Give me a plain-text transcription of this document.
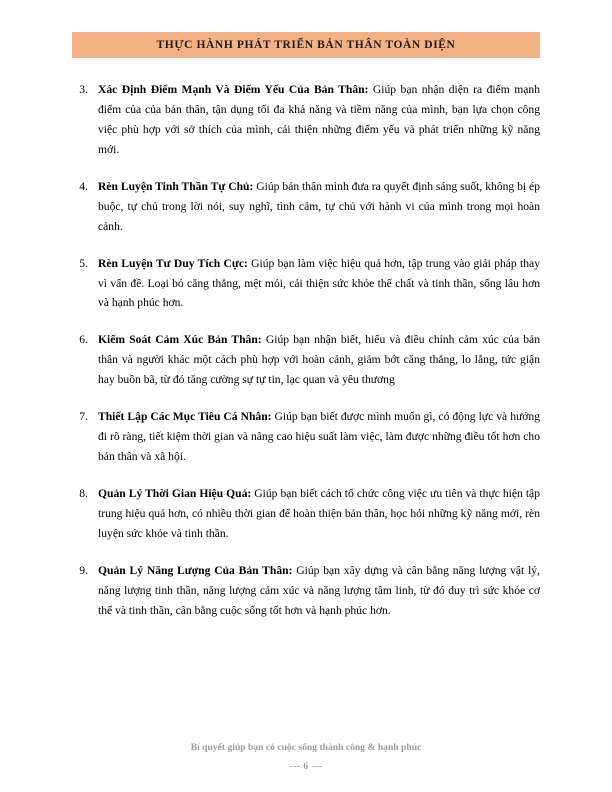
THỰC HÀNH PHÁT TRIỂN BẢN THÂN TOÀN DIỆN
3. Xác Định Điểm Mạnh Và Điểm Yếu Của Bản Thân: Giúp bạn nhận diện ra điểm mạnh điểm của của bản thân, tận dụng tối đa khả năng và tiềm năng của mình, bạn lựa chọn công việc phù hợp với sở thích của mình, cải thiện những điểm yếu và phát triển những kỹ năng mới.
4. Rèn Luyện Tinh Thần Tự Chủ: Giúp bản thân mình đưa ra quyết định sáng suốt, không bị ép buộc, tự chủ trong lời nói, suy nghĩ, tình cảm, tự chủ với hành vi của mình trong mọi hoàn cảnh.
5. Rèn Luyện Tư Duy Tích Cực: Giúp bạn làm việc hiệu quả hơn, tập trung vào giải pháp thay vì vấn đề. Loại bỏ căng thẳng, mệt mỏi, cải thiện sức khỏe thể chất và tinh thần, sống lâu hơn và hạnh phúc hơn.
6. Kiểm Soát Cảm Xúc Bản Thân: Giúp bạn nhận biết, hiểu và điều chỉnh cảm xúc của bản thân và người khác một cách phù hợp với hoàn cảnh, giảm bớt căng thẳng, lo lắng, tức giận hay buồn bã, từ đó tăng cường sự tự tin, lạc quan và yêu thương
7. Thiết Lập Các Mục Tiêu Cá Nhân: Giúp bạn biết được mình muốn gì, có động lực và hướng đi rõ ràng, tiết kiệm thời gian và nâng cao hiệu suất làm việc, làm được những điều tốt hơn cho bản thân và xã hội.
8. Quản Lý Thời Gian Hiệu Quả: Giúp bạn biết cách tổ chức công việc ưu tiên và thực hiện tập trung hiệu quả hơn, có nhiều thời gian để hoàn thiện bản thân, học hỏi những kỹ năng mới, rèn luyện sức khỏe và tinh thần.
9. Quản Lý Năng Lượng Của Bản Thân: Giúp bạn xây dựng và cân bằng năng lượng vật lý, năng lượng tinh thần, năng lượng cảm xúc và năng lượng tâm linh, từ đó duy trì sức khỏe cơ thể và tinh thần, cân bằng cuộc sống tốt hơn và hạnh phúc hơn.
Bí quyết giúp bạn có cuộc sống thành công & hạnh phúc
--- 6 ---
